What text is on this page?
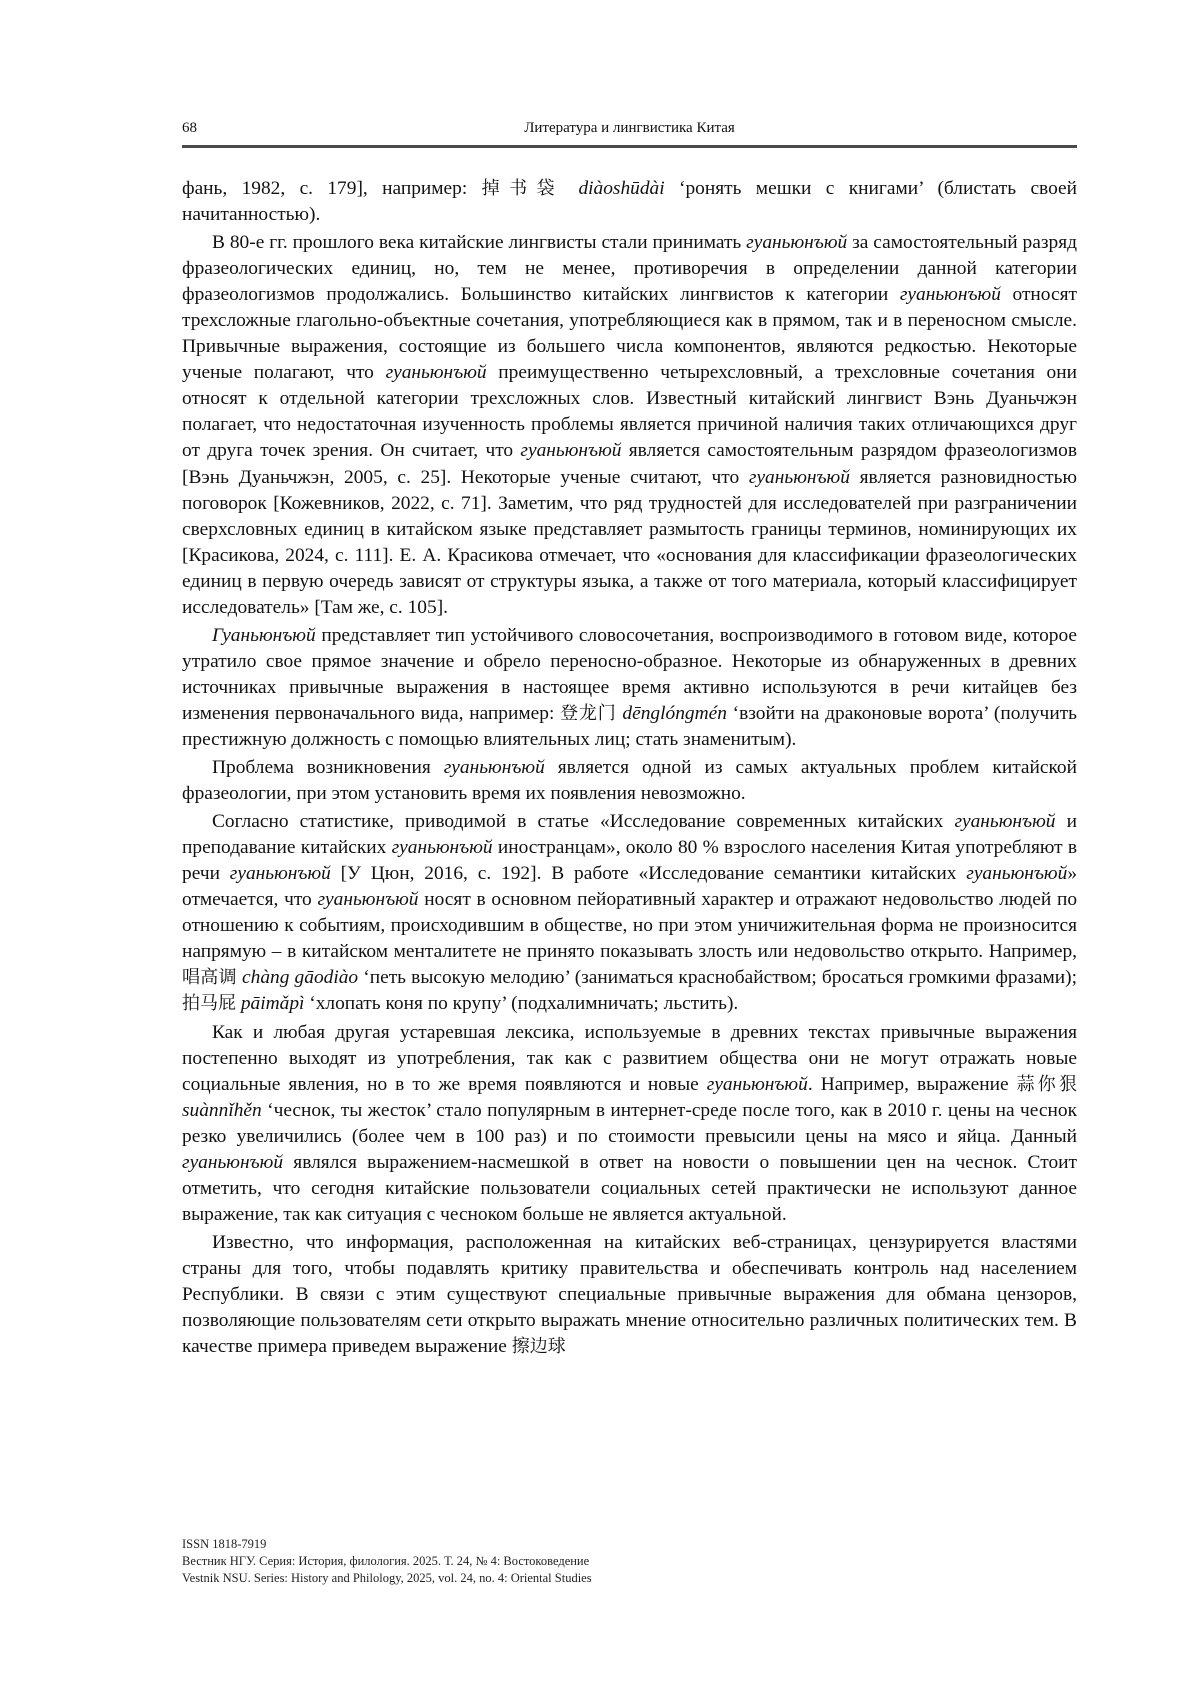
68	Литература и лингвистика Китая

фань, 1982, с. 179], например: 掉书袋 diàoshūdài ‘ронять мешки с книгами’ (блистать своей начитанностью).

В 80-е гг. прошлого века китайские лингвисты стали принимать гуаньюнъюй за самостоятельный разряд фразеологических единиц, но, тем не менее, противоречия в определении данной категории фразеологизмов продолжались. Большинство китайских лингвистов к категории гуаньюнъюй относят трехсложные глагольно-объектные сочетания, употребляющиеся как в прямом, так и в переносном смысле. Привычные выражения, состоящие из большего числа компонентов, являются редкостью. Некоторые ученые полагают, что гуаньюнъюй преимущественно четырехсловный, а трехсловные сочетания они относят к отдельной категории трехсложных слов. Известный китайский лингвист Вэнь Дуаньчжэн полагает, что недостаточная изученность проблемы является причиной наличия таких отличающихся друг от друга точек зрения. Он считает, что гуаньюнъюй является самостоятельным разрядом фразеологизмов [Вэнь Дуаньчжэн, 2005, с. 25]. Некоторые ученые считают, что гуаньюнъюй является разновидностью поговорок [Кожевников, 2022, с. 71]. Заметим, что ряд трудностей для исследователей при разграничении сверхсловных единиц в китайском языке представляет размытость границы терминов, номинирующих их [Красикова, 2024, с. 111]. Е. А. Красикова отмечает, что «основания для классификации фразеологических единиц в первую очередь зависят от структуры языка, а также от того материала, который классифицирует исследователь» [Там же, с. 105].

Гуаньюнъюй представляет тип устойчивого словосочетания, воспроизводимого в готовом виде, которое утратило свое прямое значение и обрело переносно-образное. Некоторые из обнаруженных в древних источниках привычные выражения в настоящее время активно используются в речи китайцев без изменения первоначального вида, например: 登龙门 dēnglóngmén ‘взойти на драконовые ворота’ (получить престижную должность с помощью влиятельных лиц; стать знаменитым).

Проблема возникновения гуаньюнъюй является одной из самых актуальных проблем китайской фразеологии, при этом установить время их появления невозможно.

Согласно статистике, приводимой в статье «Исследование современных китайских гуаньюнъюй и преподавание китайских гуаньюнъюй иностранцам», около 80 % взрослого населения Китая употребляют в речи гуаньюнъюй [У Цюн, 2016, с. 192]. В работе «Исследование семантики китайских гуаньюнъюй» отмечается, что гуаньюнъюй носят в основном пейоративный характер и отражают недовольство людей по отношению к событиям, происходившим в обществе, но при этом уничижительная форма не произносится напрямую – в китайском менталитете не принято показывать злость или недовольство открыто. Например, 唱高调 chàng gāodiào ‘петь высокую мелодию’ (заниматься краснобайством; бросаться громкими фразами); 拍马屁 pāimǎpì ‘хлопать коня по крупу’ (подхалимничать; льстить).

Как и любая другая устаревшая лексика, используемые в древних текстах привычные выражения постепенно выходят из употребления, так как с развитием общества они не могут отражать новые социальные явления, но в то же время появляются и новые гуаньюнъюй. Например, выражение 蒜你狠 suànnǐhěn ‘чеснок, ты жесток’ стало популярным в интернет-среде после того, как в 2010 г. цены на чеснок резко увеличились (более чем в 100 раз) и по стоимости превысили цены на мясо и яйца. Данный гуаньюнъюй являлся выражением-насмешкой в ответ на новости о повышении цен на чеснок. Стоит отметить, что сегодня китайские пользователи социальных сетей практически не используют данное выражение, так как ситуация с чесноком больше не является актуальной.

Известно, что информация, расположенная на китайских веб-страницах, цензурируется властями страны для того, чтобы подавлять критику правительства и обеспечивать контроль над населением Республики. В связи с этим существуют специальные привычные выражения для обмана цензоров, позволяющие пользователям сети открыто выражать мнение относительно различных политических тем. В качестве примера приведем выражение 擦边球

ISSN 1818-7919
Вестник НГУ. Серия: История, филология. 2025. Т. 24, № 4: Востоковедение
Vestnik NSU. Series: History and Philology, 2025, vol. 24, no. 4: Oriental Studies
